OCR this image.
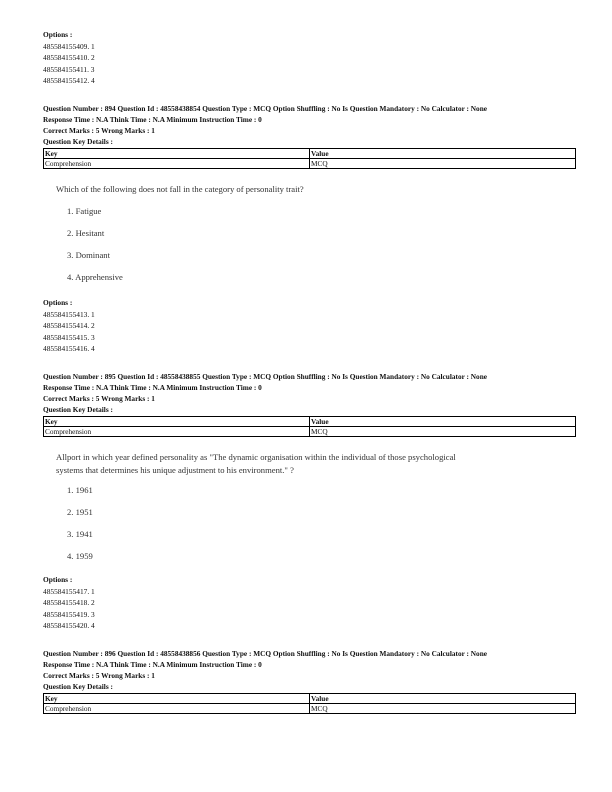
Options :
485584155409. 1
485584155410. 2
485584155411. 3
485584155412. 4
Question Number : 894 Question Id : 48558438854 Question Type : MCQ Option Shuffling : No Is Question Mandatory : No Calculator : None
Response Time : N.A Think Time : N.A Minimum Instruction Time : 0
Correct Marks : 5 Wrong Marks : 1
Question Key Details :
Key	Value
Comprehension	MCQ
Which of the following does not fall in the category of personality trait?
1. Fatigue
2. Hesitant
3. Dominant
4. Apprehensive
Options :
485584155413. 1
485584155414. 2
485584155415. 3
485584155416. 4
Question Number : 895 Question Id : 48558438855 Question Type : MCQ Option Shuffling : No Is Question Mandatory : No Calculator : None
Response Time : N.A Think Time : N.A Minimum Instruction Time : 0
Correct Marks : 5 Wrong Marks : 1
Question Key Details :
Key	Value
Comprehension	MCQ
Allport in which year defined personality as "The dynamic organisation within the individual of those psychological systems that determines his unique adjustment to his environment." ?
1. 1961
2. 1951
3. 1941
4. 1959
Options :
485584155417. 1
485584155418. 2
485584155419. 3
485584155420. 4
Question Number : 896 Question Id : 48558438856 Question Type : MCQ Option Shuffling : No Is Question Mandatory : No Calculator : None
Response Time : N.A Think Time : N.A Minimum Instruction Time : 0
Correct Marks : 5 Wrong Marks : 1
Question Key Details :
Key	Value
Comprehension	MCQ
